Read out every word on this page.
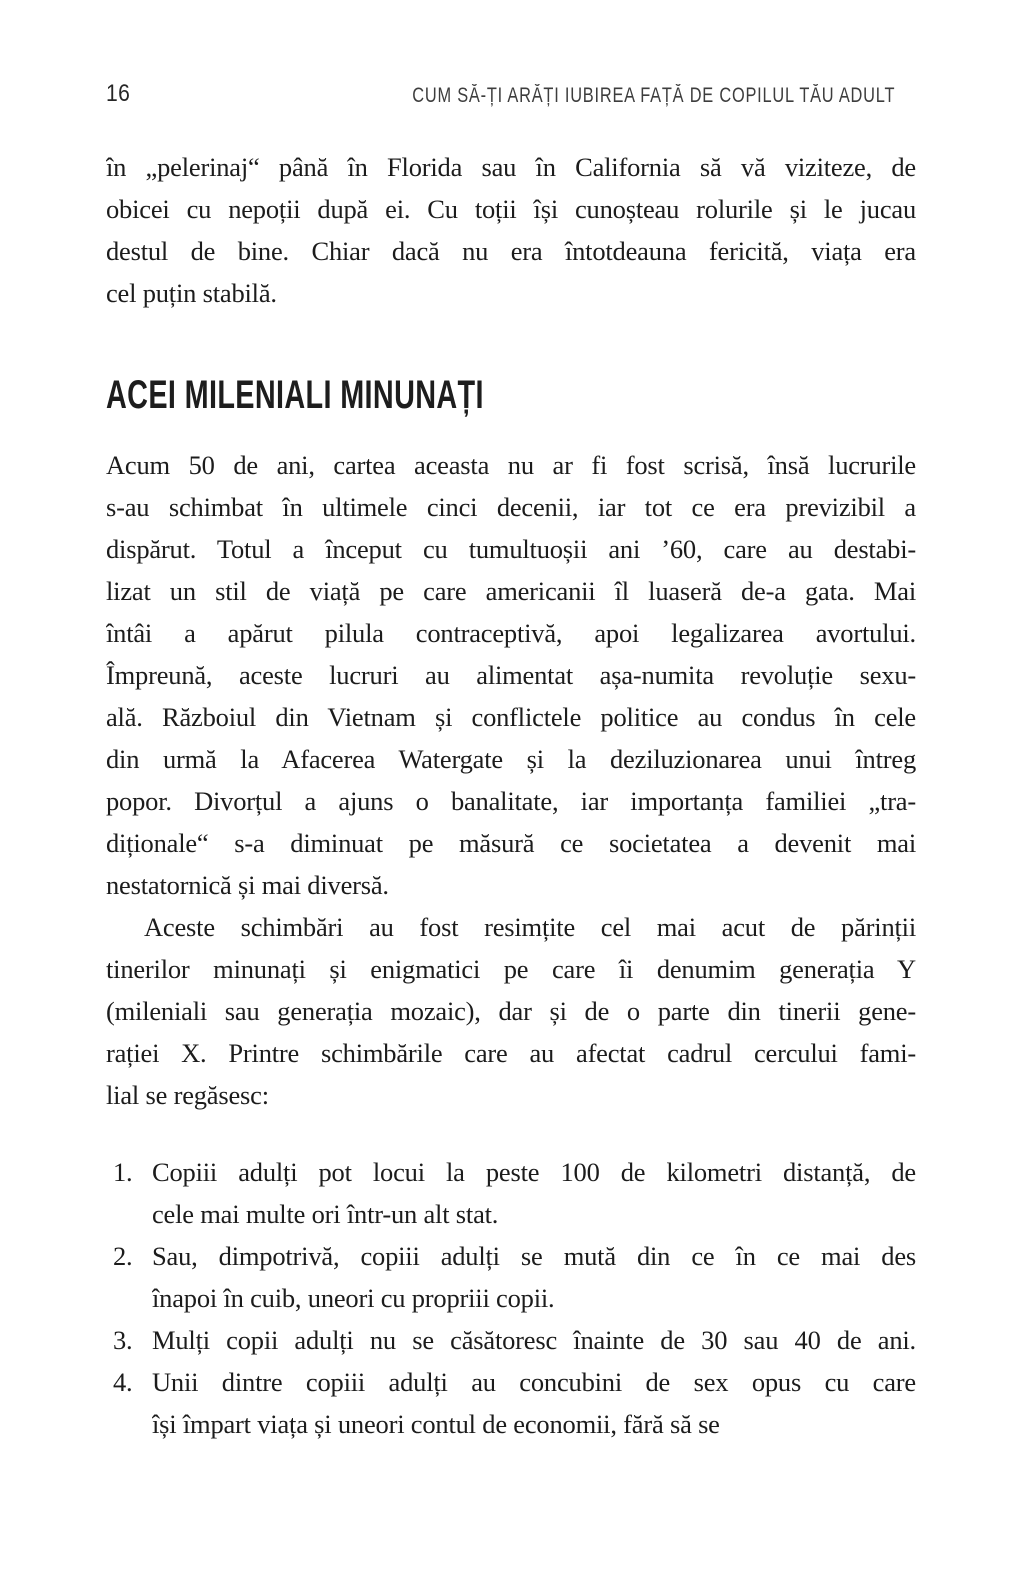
16	CUM SĂ-ȚI ARĂȚI IUBIREA FAȚĂ DE COPILUL TĂU ADULT
în „pelerinaj“ până în Florida sau în California să vă viziteze, de
obicei cu nepoții după ei. Cu toții își cunoșteau rolurile și le jucau
destul de bine. Chiar dacă nu era întotdeauna fericită, viața era
cel puțin stabilă.
ACEI MILENIALI MINUNAȚI
Acum 50 de ani, cartea aceasta nu ar fi fost scrisă, însă lucrurile
s-au schimbat în ultimele cinci decenii, iar tot ce era previzibil a
dispărut. Totul a început cu tumultuoșii ani ’60, care au destabi-
lizat un stil de viață pe care americanii îl luaseră de-a gata. Mai
întâi a apărut pilula contraceptivă, apoi legalizarea avortului.
Împreună, aceste lucruri au alimentat așa-numita revoluție sexu-
ală. Războiul din Vietnam și conflictele politice au condus în cele
din urmă la Afacerea Watergate și la deziluzionarea unui întreg
popor. Divorțul a ajuns o banalitate, iar importanța familiei „tra-
diționale“ s-a diminuat pe măsură ce societatea a devenit mai
nestatornică și mai diversă.
Aceste schimbări au fost resimțite cel mai acut de părinții
tinerilor minunați și enigmatici pe care îi denumim generația Y
(mileniali sau generația mozaic), dar și de o parte din tinerii gene-
rației X. Printre schimbările care au afectat cadrul cercului fami-
lial se regăsesc:
1. Copiii adulți pot locui la peste 100 de kilometri distanță, de
cele mai multe ori într-un alt stat.
2. Sau, dimpotrivă, copiii adulți se mută din ce în ce mai des
înapoi în cuib, uneori cu propriii copii.
3. Mulți copii adulți nu se căsătoresc înainte de 30 sau 40 de ani.
4. Unii dintre copiii adulți au concubini de sex opus cu care
își împart viața și uneori contul de economii, fără să se
